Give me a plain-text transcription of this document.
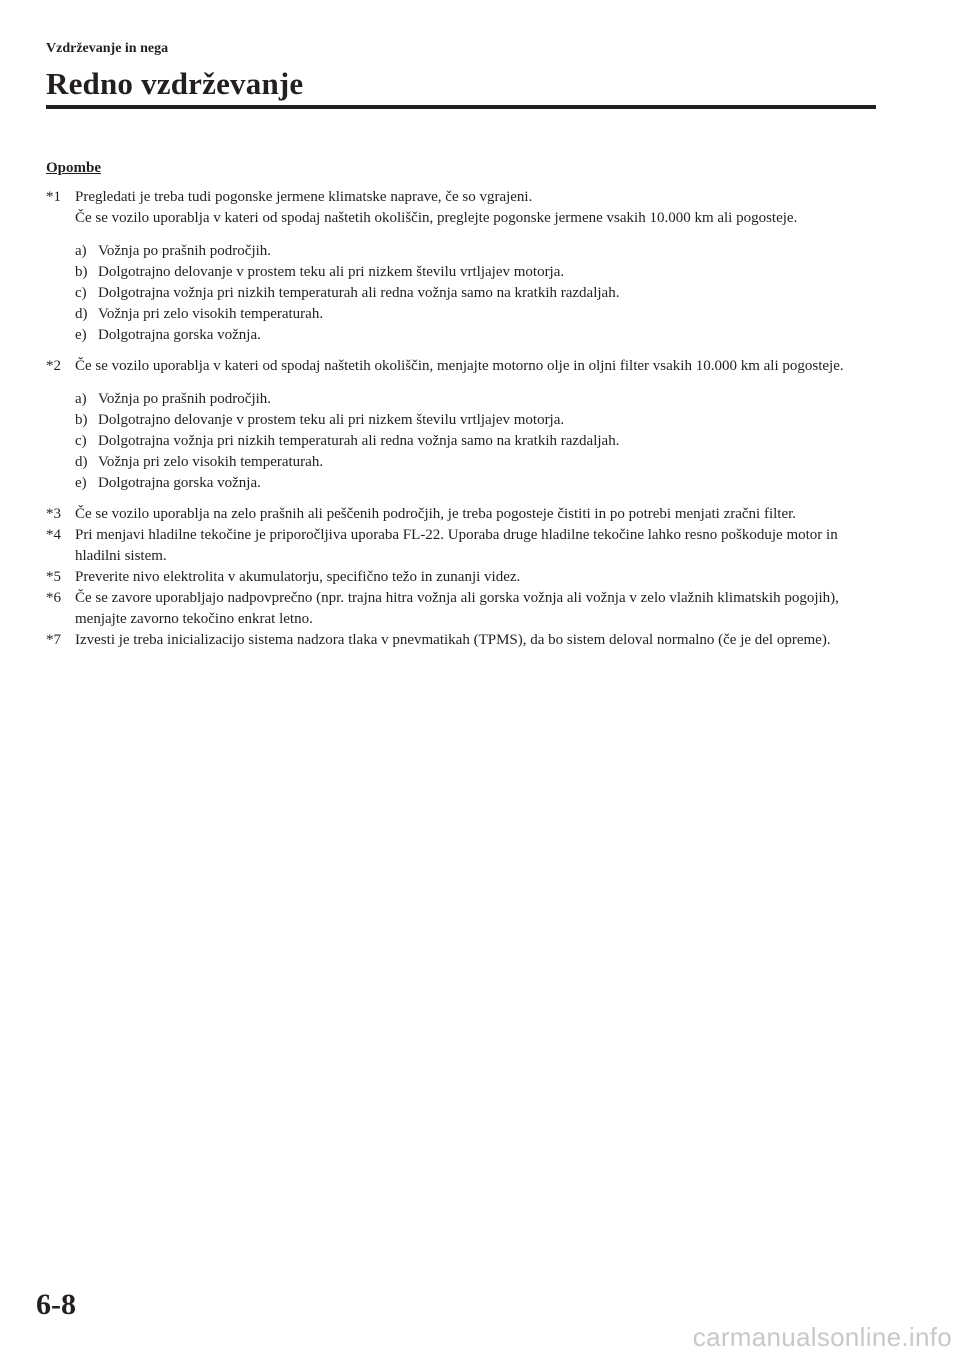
Vzdrževanje in nega
Redno vzdrževanje
Opombe
*1 Pregledati je treba tudi pogonske jermene klimatske naprave, če so vgrajeni.
Če se vozilo uporablja v kateri od spodaj naštetih okoliščin, preglejte pogonske jermene vsakih 10.000 km ali pogosteje.
a) Vožnja po prašnih področjih.
b) Dolgotrajno delovanje v prostem teku ali pri nizkem številu vrtljajev motorja.
c) Dolgotrajna vožnja pri nizkih temperaturah ali redna vožnja samo na kratkih razdaljah.
d) Vožnja pri zelo visokih temperaturah.
e) Dolgotrajna gorska vožnja.
*2 Če se vozilo uporablja v kateri od spodaj naštetih okoliščin, menjajte motorno olje in oljni filter vsakih 10.000 km ali pogosteje.
a) Vožnja po prašnih področjih.
b) Dolgotrajno delovanje v prostem teku ali pri nizkem številu vrtljajev motorja.
c) Dolgotrajna vožnja pri nizkih temperaturah ali redna vožnja samo na kratkih razdaljah.
d) Vožnja pri zelo visokih temperaturah.
e) Dolgotrajna gorska vožnja.
*3 Če se vozilo uporablja na zelo prašnih ali peščenih področjih, je treba pogosteje čistiti in po potrebi menjati zračni filter.
*4 Pri menjavi hladilne tekočine je priporočljiva uporaba FL-22. Uporaba druge hladilne tekočine lahko resno poškoduje motor in hladilni sistem.
*5 Preverite nivo elektrolita v akumulatorju, specifično težo in zunanji videz.
*6 Če se zavore uporabljajo nadpovprečno (npr. trajna hitra vožnja ali gorska vožnja ali vožnja v zelo vlažnih klimatskih pogojih), menjajte zavorno tekočino enkrat letno.
*7 Izvesti je treba inicializacijo sistema nadzora tlaka v pnevmatikah (TPMS), da bo sistem deloval normalno (če je del opreme).
6-8
carmanualsonline.info
